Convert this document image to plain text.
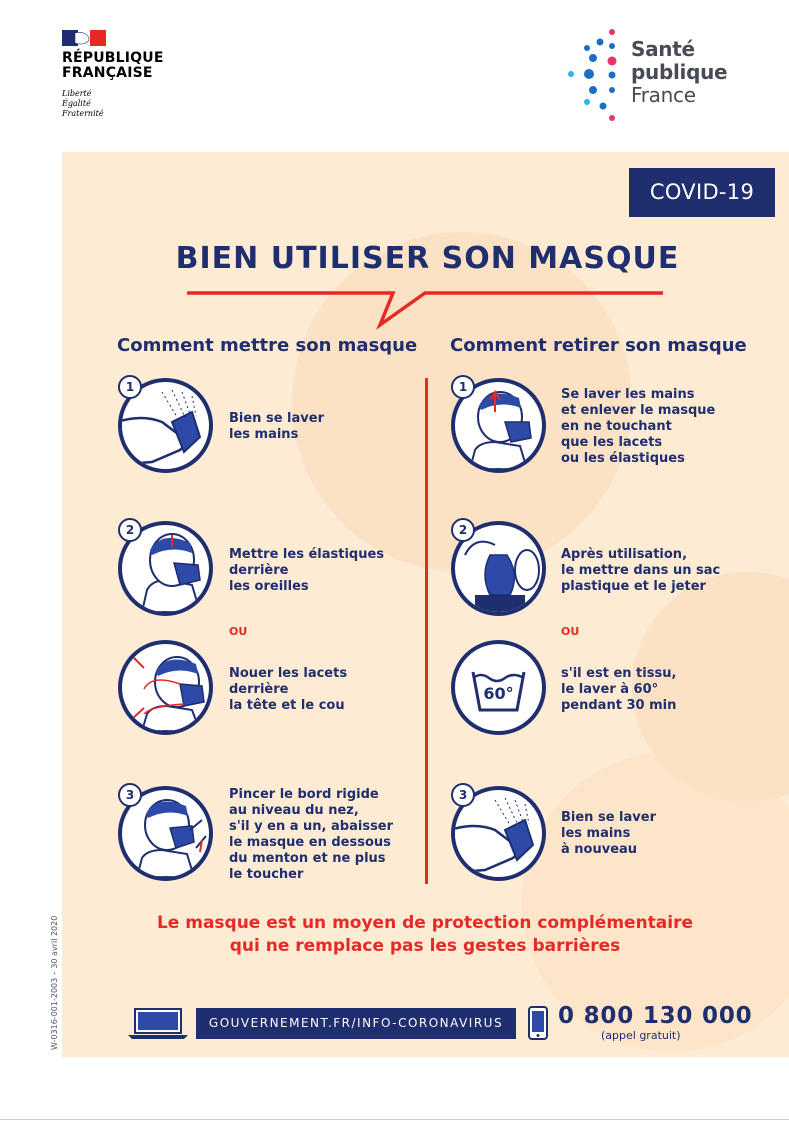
RÉPUBLIQUE
FRANÇAISE
Liberté
Égalité
Fraternité
Santé
publique
France
COVID-19
BIEN UTILISER SON MASQUE
Comment mettre son masque Comment retirer son masque
1
Bien se laver
les mains
2
Mettre les élastiques
derrière
les oreilles
OU
Nouer les lacets
derrière
la tête et le cou
3	Pincer le bord rigide
au niveau du nez,
s'il y en a un, abaisser
le masque en dessous
du menton et ne plus
le toucher
1	Se laver les mains
et enlever le masque
en ne touchant
que les lacets
ou les élastiques
2
Après utilisation,
le mettre dans un sac
plastique et le jeter
OU
60°
s'il est en tissu,
le laver à 60°
pendant 30 min
3
Bien se laver
les mains
à nouveau
Le masque est un moyen de protection complémentaire
qui ne remplace pas les gestes barrières
GOUVERNEMENT.FR/INFO-CORONAVIRUS	0 800 130 000
(appel gratuit)
W-0316-001-2003 – 30 avril 2020
